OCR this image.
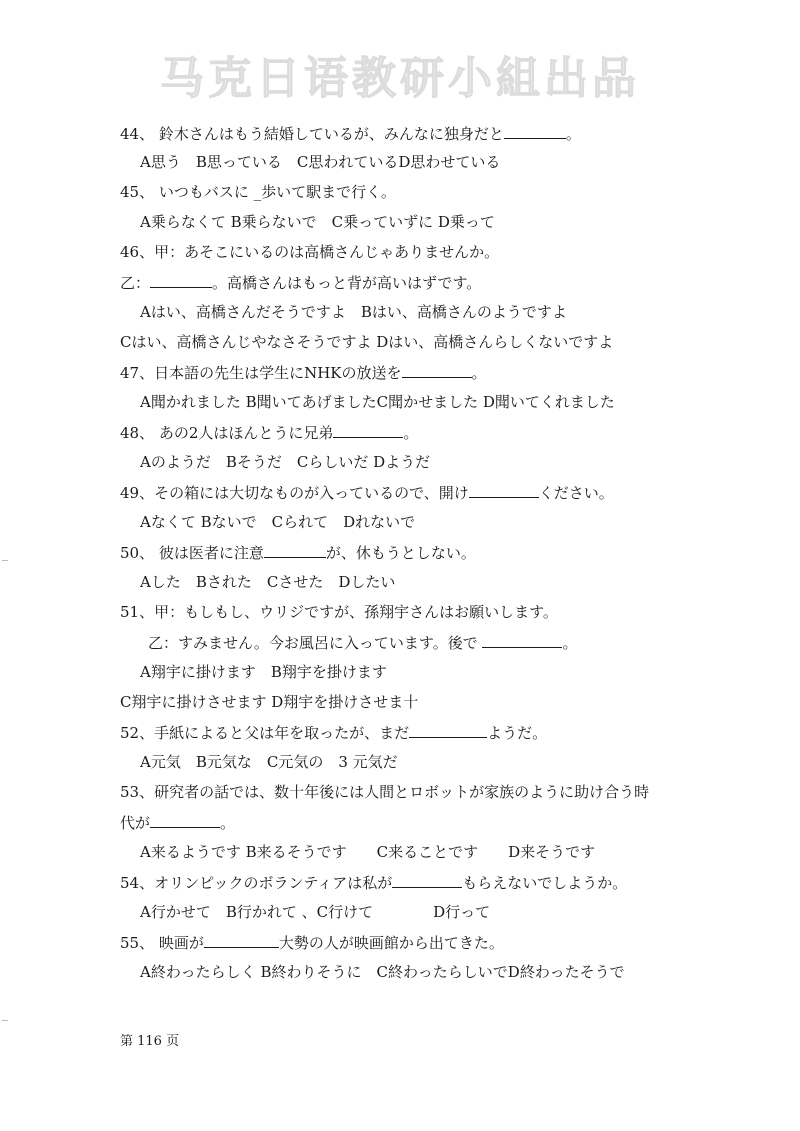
马克日语教研小組出品
44、 鈴木さんはもう結婚しているが、みんなに独身だと	。
A思う　B思っている　C思われているD思わせている
45、 いつもバスに _歩いて駅まで行く。
A乗らなくて B乗らないで　C乗っていずに D乗って
46、甲：あそこにいるのは高橋さんじゃありませんか。
乙：	。高橋さんはもっと背が高いはずです。
Aはい、高橋さんだそうですよ　Bはい、高橋さんのようですよ
Cはい、高橋さんじやなさそうですよ Dはい、高橋さんらしくないですよ
47、日本語の先生は学生にNHKの放送を	。
A聞かれました B聞いてあげましたC聞かせました D聞いてくれました
48、 あの2人はほんとうに兄弟	。
Aのようだ　Bそうだ　Cらしいだ Dようだ
49、その箱には大切なものが入っているので、開け	ください。
Aなくて Bないで　Cられて　Dれないで
50、 彼は医者に注意	が、休もうとしない。
Aした　Bされた　Cさせた　Dしたい
51、甲：もしもし、ウリジですが、孫翔宇さんはお願いします。
乙：すみません。今お風呂に入っています。後で	。
A翔宇に掛けます　B翔宇を掛けます
C翔宇に掛けさせます D翔宇を掛けさせま十
52、手紙によると父は年を取ったが、まだ	ようだ。
A元気　B元気な　C元気の　3 元気だ
53、研究者の話では、数十年後には人間とロボットが家族のように助け合う時
代が	。
A来るようです B来るそうです　　C来ることです　　D来そうです
54、オリンピックのボランティアは私が	もらえないでしようか。
A行かせて　B行かれて 、C行けて　　　　D行って
55、 映画が	大勢の人が映画館から出てきた。
A終わったらしく B終わりそうに　C終わったらしいでD終わったそうで
第 116 页
